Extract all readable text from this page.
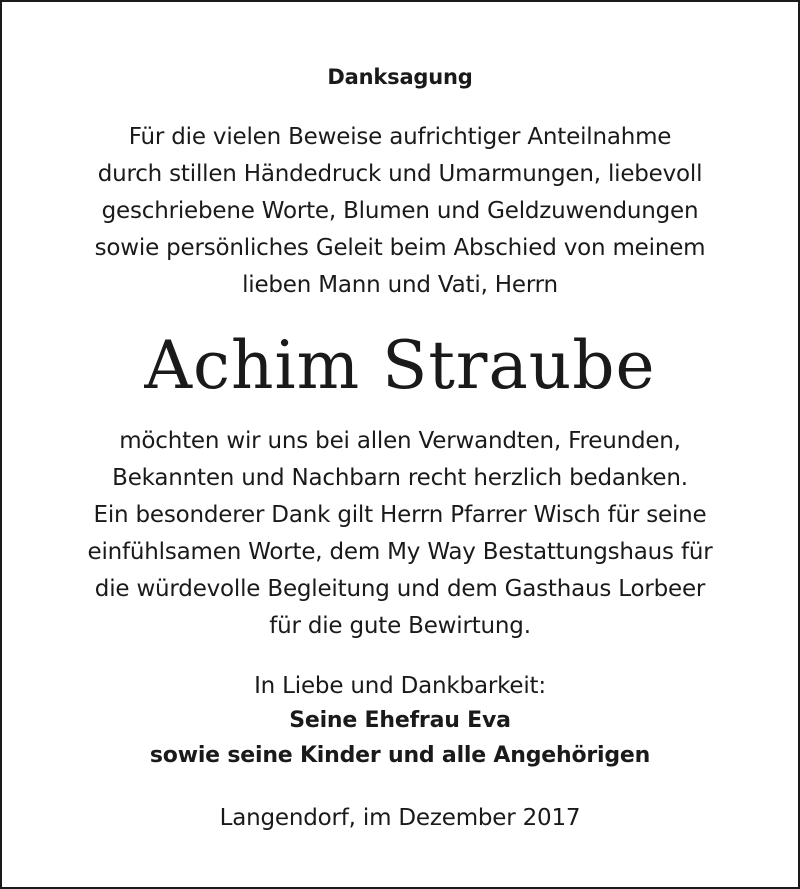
Danksagung
Für die vielen Beweise aufrichtiger Anteilnahme
durch stillen Händedruck und Umarmungen, liebevoll
geschriebene Worte, Blumen und Geldzuwendungen
sowie persönliches Geleit beim Abschied von meinem
lieben Mann und Vati, Herrn
Achim Straube
möchten wir uns bei allen Verwandten, Freunden,
Bekannten und Nachbarn recht herzlich bedanken.
Ein besonderer Dank gilt Herrn Pfarrer Wisch für seine
einfühlsamen Worte, dem My Way Bestattungshaus für
die würdevolle Begleitung und dem Gasthaus Lorbeer
für die gute Bewirtung.
In Liebe und Dankbarkeit:
Seine Ehefrau Eva
sowie seine Kinder und alle Angehörigen
Langendorf, im Dezember 2017
